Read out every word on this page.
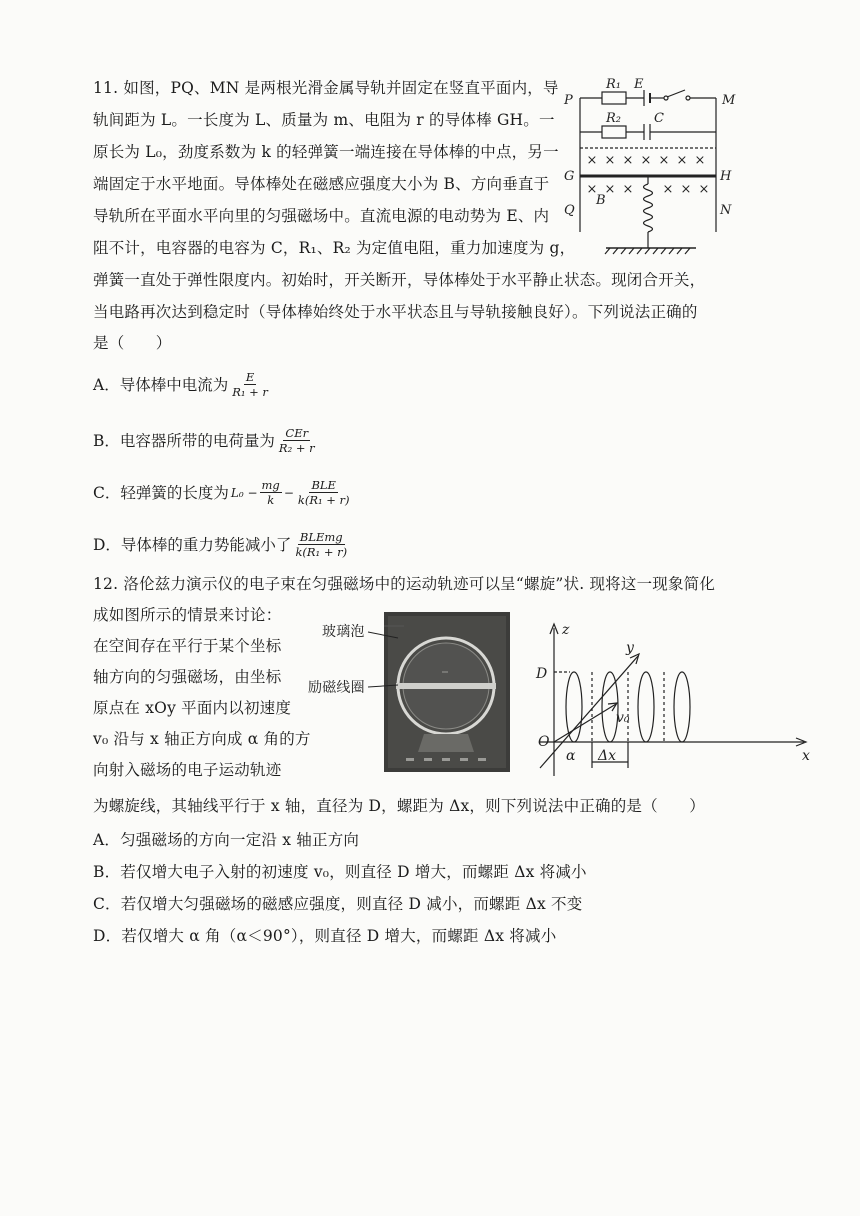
11. 如图，PQ、MN 是两根光滑金属导轨并固定在竖直平面内，导
轨间距为 L。一长度为 L、质量为 m、电阻为 r 的导体棒 GH。一
原长为 L₀，劲度系数为 k 的轻弹簧一端连接在导体棒的中点，另一
端固定于水平地面。导体棒处在磁感应强度大小为 B、方向垂直于
导轨所在平面水平向里的匀强磁场中。直流电源的电动势为 E、内
阻不计，电容器的电容为 C，R₁、R₂ 为定值电阻，重力加速度为 g，
弹簧一直处于弹性限度内。初始时，开关断开，导体棒处于水平静止状态。现闭合开关，
当电路再次达到稳定时（导体棒始终处于水平状态且与导轨接触良好）。下列说法正确的
是（　　）
A．导体棒中电流为 $\frac{E}{\text{R₁ + r}}$
B．电容器所带的电荷量为 $\frac{\text{CEr}}{\text{R₂ + r}}$
C．轻弹簧的长度为 $L_0 - \frac{mg}{k} - \frac{\text{BLE}}{\text{k(R₁ + r)}}$
D．导体棒的重力势能减小了 $\frac{\text{BLEmg}}{\text{k(R₁ + r)}}$
× × × × × × ×
× × × × × ×
P	M
R₁ E
R₂	C
G	H
Q	N
B
12. 洛伦兹力演示仪的电子束在匀强磁场中的运动轨迹可以呈“螺旋”状. 现将这一现象简化
成如图所示的情景来讨论：
在空间存在平行于某个坐标
轴方向的匀强磁场，由坐标
原点在 xOy 平面内以初速度
v₀ 沿与 x 轴正方向成 α 角的方
向射入磁场的电子运动轨迹
为螺旋线，其轴线平行于 x 轴，直径为 D，螺距为 Δx，则下列说法中正确的是（　　）
A．匀强磁场的方向一定沿 x 轴正方向
B．若仅增大电子入射的初速度 v₀，则直径 D 增大，而螺距 Δx 将减小
C．若仅增大匀强磁场的磁感应强度，则直径 D 减小，而螺距 Δx 不变
D．若仅增大 α 角（α＜90°），则直径 D 增大，而螺距 Δx 将减小
玻璃泡
励磁线圈
z
y
x
O
D
v₀
α Δx
